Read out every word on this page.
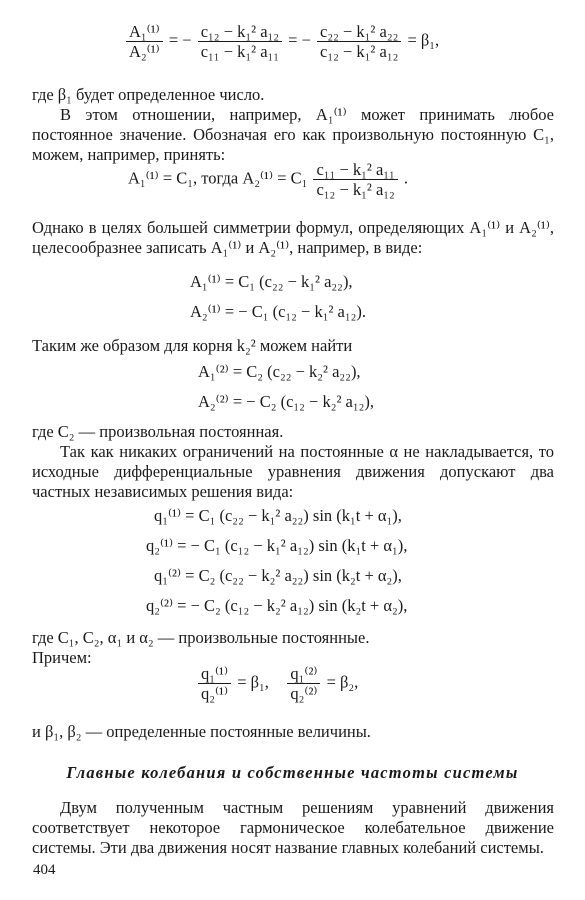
$\frac{\text{A₁⁽¹⁾}}{\text{A₂⁽¹⁾}}$ = − $\frac{\text{c₁₂ − k₁² a₁₂}}{\text{c₁₁ − k₁² a₁₁}}$ = − $\frac{\text{c₂₂ − k₁² a₂₂}}{\text{c₁₂ − k₁² a₁₂}} = \beta_1$,
где β₁ будет определенное число.
В этом отношении, например, A₁⁽¹⁾ может принимать любое постоянное значение. Обозначая его как произвольную постоянную C₁, можем, например, принять:
A₁⁽¹⁾ = C₁, тогда $A_2^{(1)} = C_1 \frac{\text{c₁₁ − k₁² a₁₁}}{\text{c₁₂ − k₁² a₁₂}}$ .
Однако в целях большей симметрии формул, определяющих A₁⁽¹⁾ и A₂⁽¹⁾, целесообразнее записать A₁⁽¹⁾ и A₂⁽¹⁾, например, в виде:
A₁⁽¹⁾ = C₁ (c₂₂ − k₁² a₂₂),
A₂⁽¹⁾ = − C₁ (c₁₂ − k₁² a₁₂).
Таким же образом для корня k₂² можем найти
A₁⁽²⁾ = C₂ (c₂₂ − k₂² a₂₂),
A₂⁽²⁾ = − C₂ (c₁₂ − k₂² a₁₂),
где C₂ — произвольная постоянная.
Так как никаких ограничений на постоянные α не накладывается, то исходные дифференциальные уравнения движения допускают два частных независимых решения вида:
q₁⁽¹⁾ = C₁ (c₂₂ − k₁² a₂₂) sin (k₁t + α₁),
q₂⁽¹⁾ = − C₁ (c₁₂ − k₁² a₁₂) sin (k₁t + α₁),
q₁⁽²⁾ = C₂ (c₂₂ − k₂² a₂₂) sin (k₂t + α₂),
q₂⁽²⁾ = − C₂ (c₁₂ − k₂² a₁₂) sin (k₂t + α₂),
где C₁, C₂, α₁ и α₂ — произвольные постоянные.
Причем:
$\frac{\text{q₁⁽¹⁾}}{\text{q₂⁽¹⁾}} = \beta_1$, $\frac{\text{q₁⁽²⁾}}{\text{q₂⁽²⁾}} = \beta_2$,
и β₁, β₂ — определенные постоянные величины.
Главные колебания и собственные частоты системы
Двум полученным частным решениям уравнений движения соответствует некоторое гармоническое колебательное движение системы. Эти два движения носят название главных колебаний системы.
404
